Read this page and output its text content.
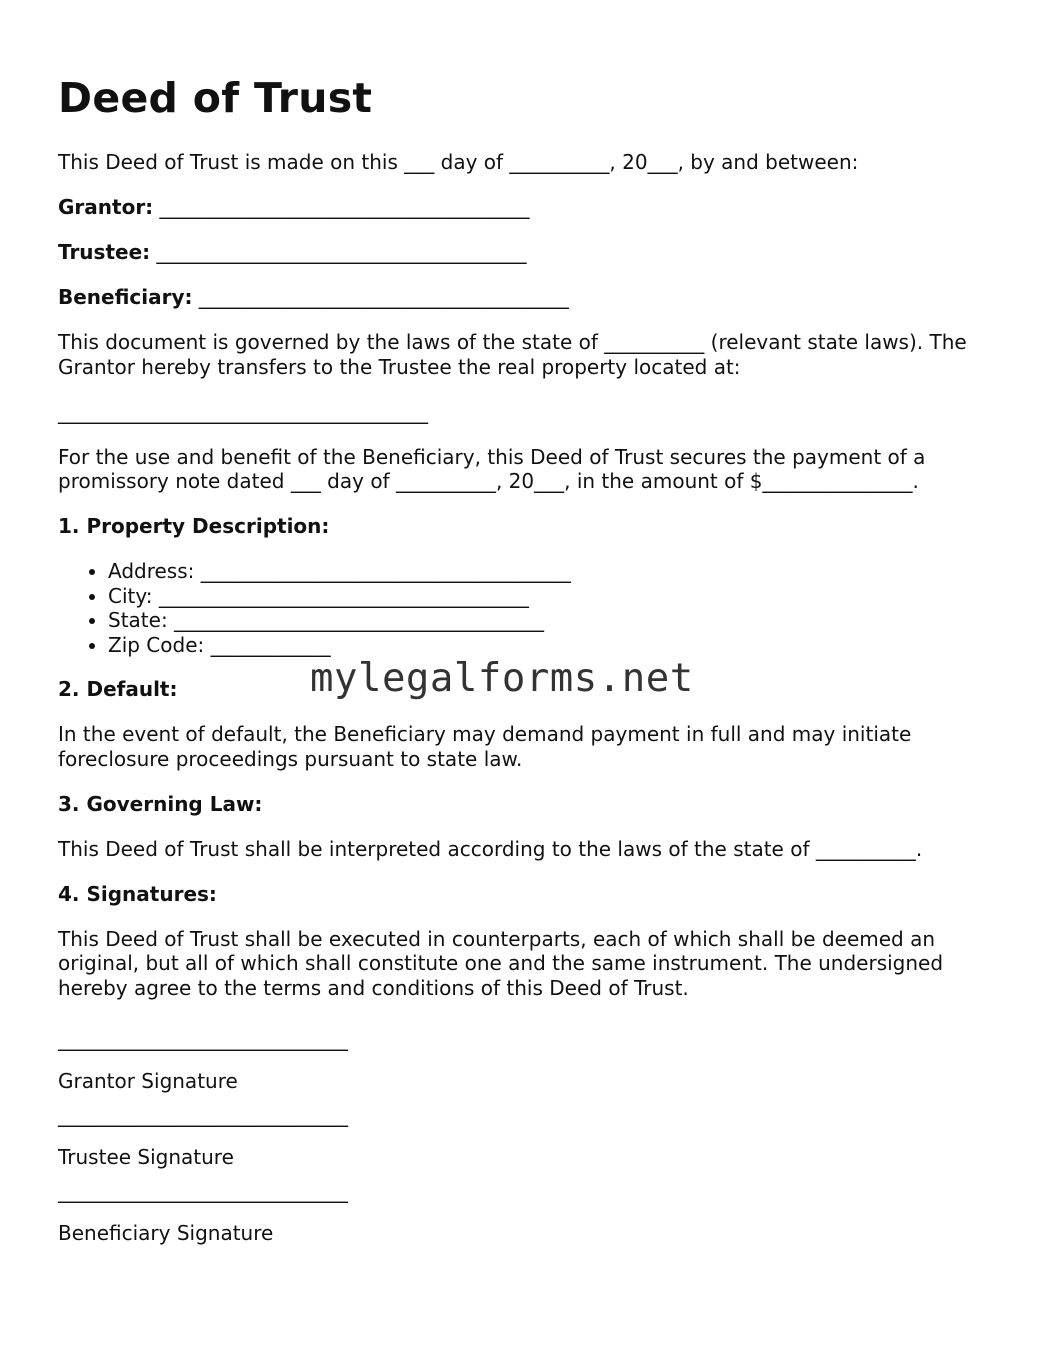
Deed of Trust

This Deed of Trust is made on this ___ day of __________, 20___, by and between:

Grantor: _____________________________________

Trustee: _____________________________________

Beneficiary: _____________________________________

This document is governed by the laws of the state of __________ (relevant state laws). The Grantor hereby transfers to the Trustee the real property located at:

_____________________________________

For the use and benefit of the Beneficiary, this Deed of Trust secures the payment of a promissory note dated ___ day of __________, 20___, in the amount of $_______________.

1. Property Description:

• Address: _____________________________________
• City: _____________________________________
• State: _____________________________________
• Zip Code: ____________

2. Default:

In the event of default, the Beneficiary may demand payment in full and may initiate foreclosure proceedings pursuant to state law.

3. Governing Law:

This Deed of Trust shall be interpreted according to the laws of the state of __________.

4. Signatures:

This Deed of Trust shall be executed in counterparts, each of which shall be deemed an original, but all of which shall constitute one and the same instrument. The undersigned hereby agree to the terms and conditions of this Deed of Trust.

_____________________________

Grantor Signature

_____________________________

Trustee Signature

_____________________________

Beneficiary Signature

mylegalforms.net
